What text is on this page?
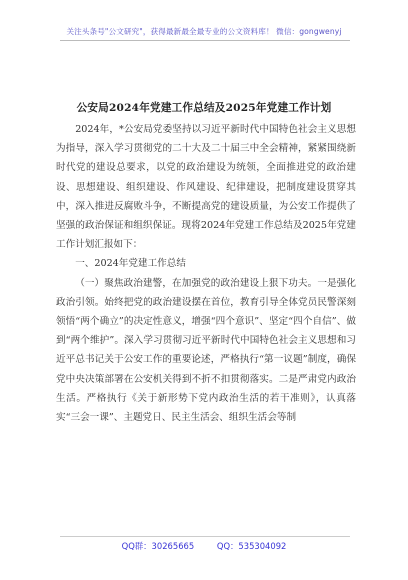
关注头条号"公文研究"，获得最新最全最专业的公文资料库！ 微信：gongwenyj
公安局2024年党建工作总结及2025年党建工作计划

2024年，*公安局党委坚持以习近平新时代中国特色社会主义思想为指导，深入学习贯彻党的二十大及二十届三中全会精神，紧紧围绕新时代党的建设总要求，以党的政治建设为统领，全面推进党的政治建设、思想建设、组织建设、作风建设、纪律建设，把制度建设贯穿其中，深入推进反腐败斗争，不断提高党的建设质量，为公安工作提供了坚强的政治保证和组织保证。现将2024年党建工作总结及2025年党建工作计划汇报如下：

一、2024年党建工作总结

（一）聚焦政治建警，在加强党的政治建设上狠下功夫。一是强化政治引领。始终把党的政治建设摆在首位，教育引导全体党员民警深刻领悟“两个确立”的决定性意义，增强“四个意识”、坚定“四个自信”、做到“两个维护”。深入学习贯彻习近平新时代中国特色社会主义思想和习近平总书记关于公安工作的重要论述，严格执行“第一议题”制度，确保党中央决策部署在公安机关得到不折不扣贯彻落实。二是严肃党内政治生活。严格执行《关于新形势下党内政治生活的若干准则》，认真落实“三会一课”、主题党日、民主生活会、组织生活会等制

QQ群：30265665	QQ：535304092
